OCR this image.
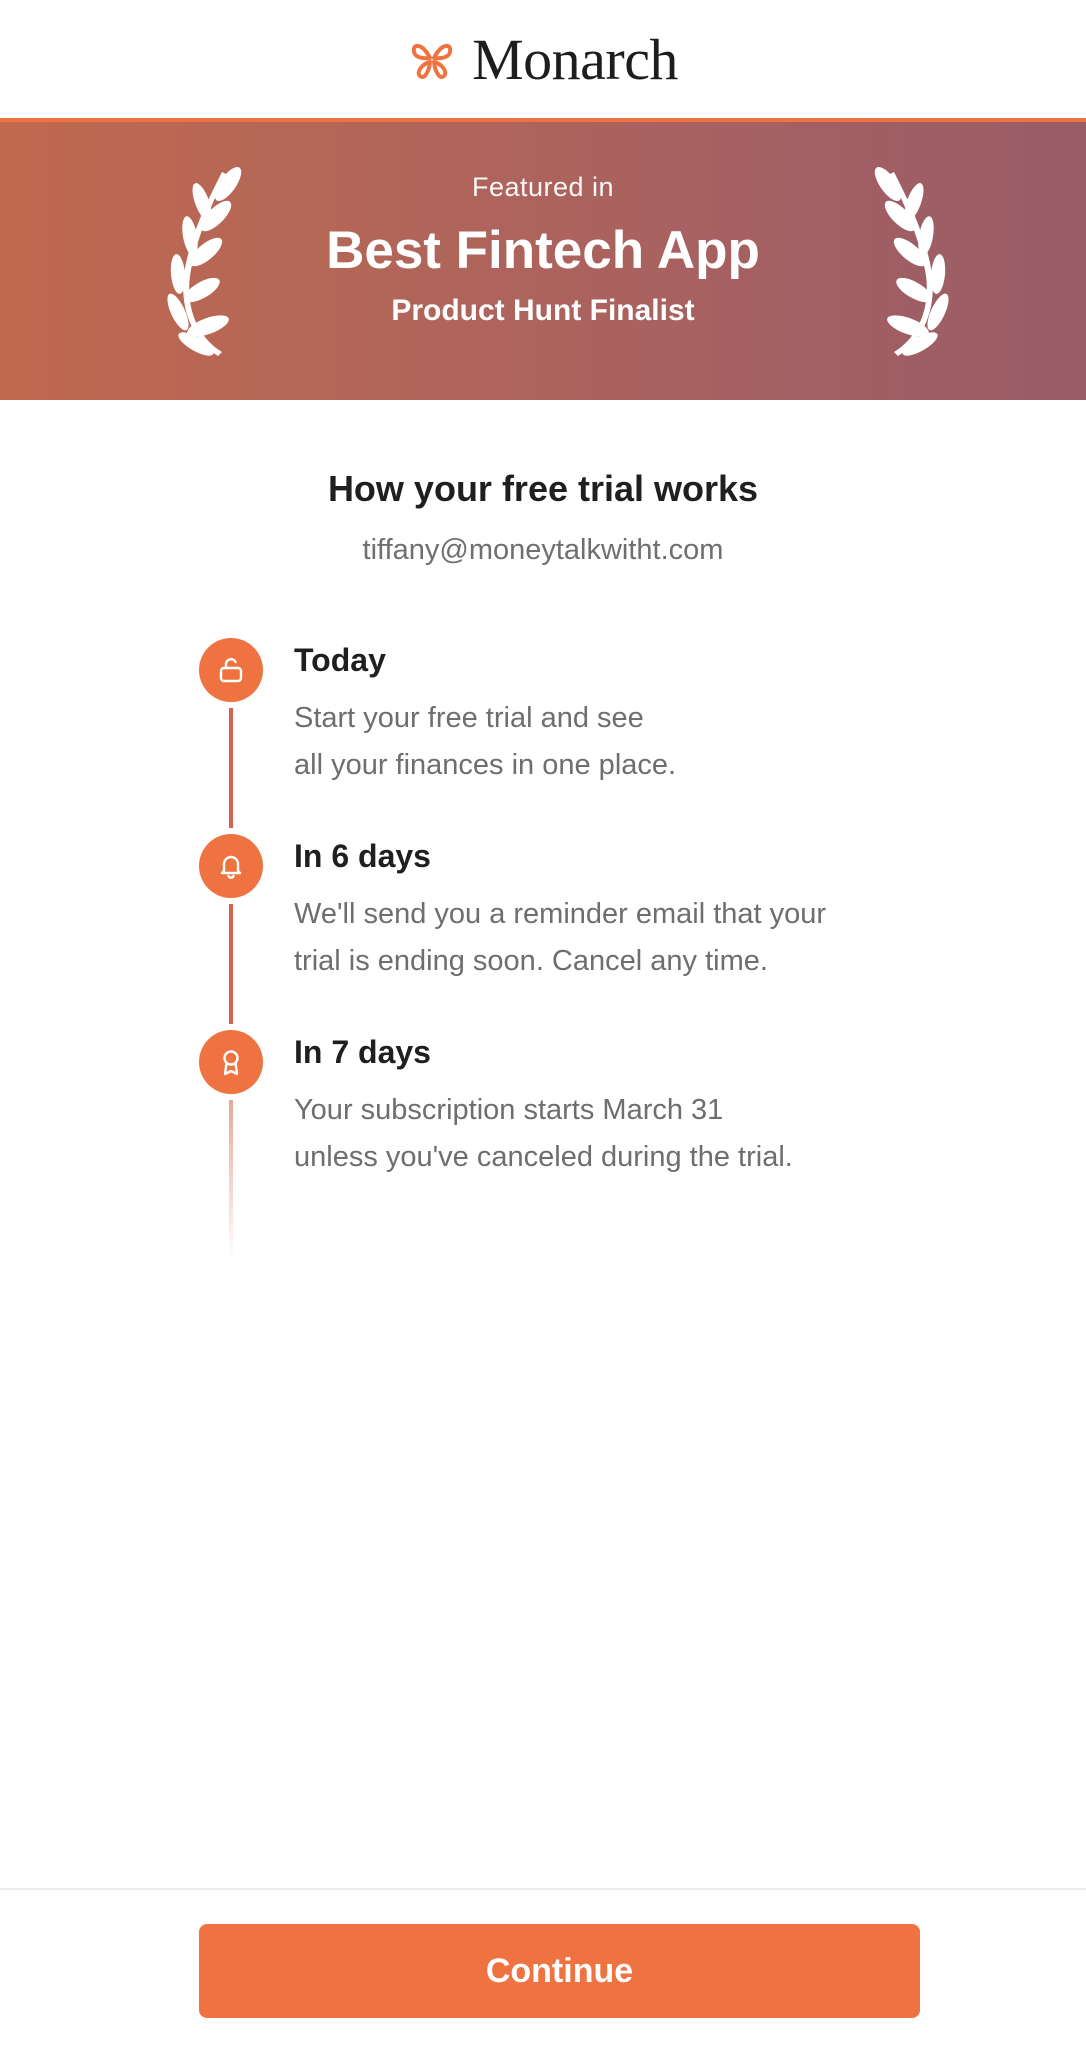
Monarch
Featured in
Best Fintech App
Product Hunt Finalist
How your free trial works
tiffany@moneytalkwitht.com
Today
Start your free trial and see
all your finances in one place.
In 6 days
We'll send you a reminder email that your
trial is ending soon. Cancel any time.
In 7 days
Your subscription starts March 31
unless you've canceled during the trial.
Continue
